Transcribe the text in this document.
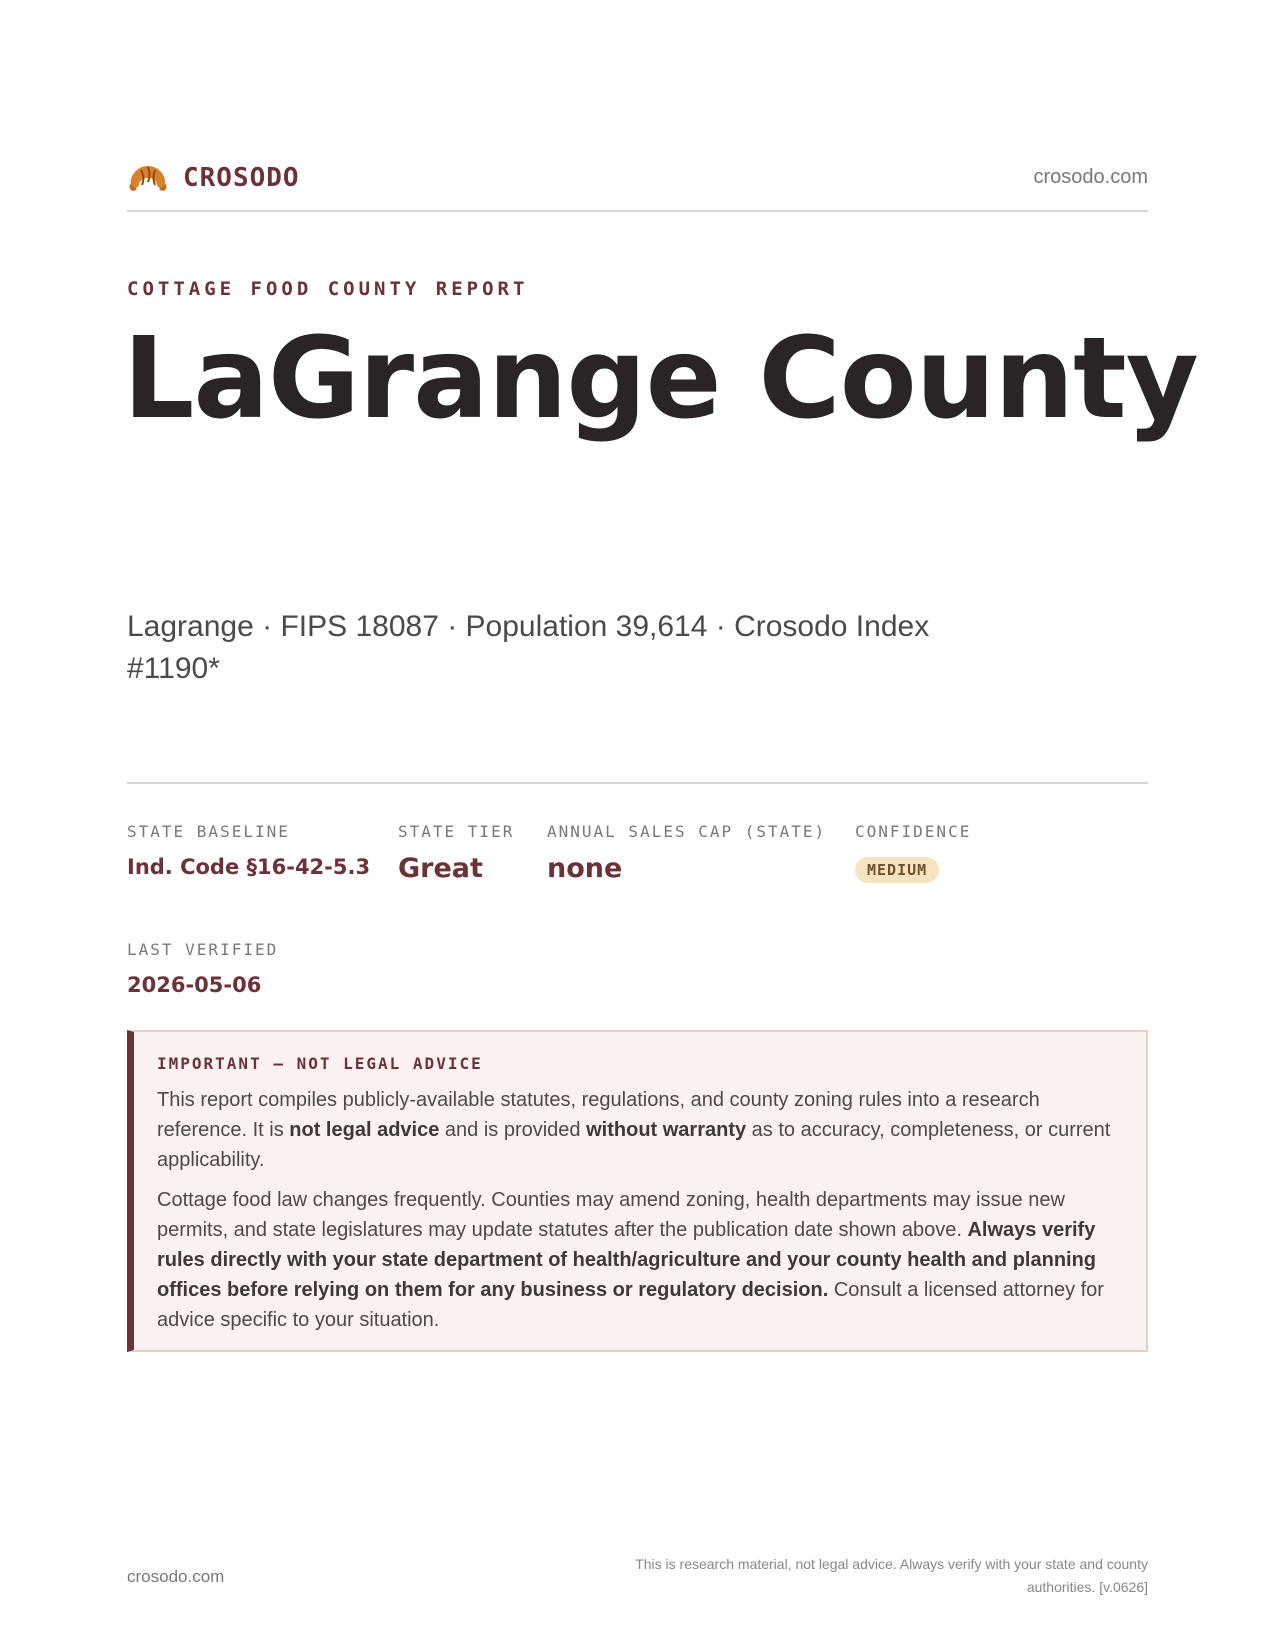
CROSODO	crosodo.com
COTTAGE FOOD COUNTY REPORT
LaGrange County
Lagrange · FIPS 18087 · Population 39,614 · Crosodo Index #1190*
STATE BASELINE
Ind. Code §16-42-5.3
STATE TIER
Great
ANNUAL SALES CAP (STATE)
none
CONFIDENCE
MEDIUM
LAST VERIFIED
2026-05-06
IMPORTANT — NOT LEGAL ADVICE

This report compiles publicly-available statutes, regulations, and county zoning rules into a research reference. It is not legal advice and is provided without warranty as to accuracy, completeness, or current applicability.

Cottage food law changes frequently. Counties may amend zoning, health departments may issue new permits, and state legislatures may update statutes after the publication date shown above. Always verify rules directly with your state department of health/agriculture and your county health and planning offices before relying on them for any business or regulatory decision. Consult a licensed attorney for advice specific to your situation.

crosodo.com
This is research material, not legal advice. Always verify with your state and county authorities. [v.0626]
